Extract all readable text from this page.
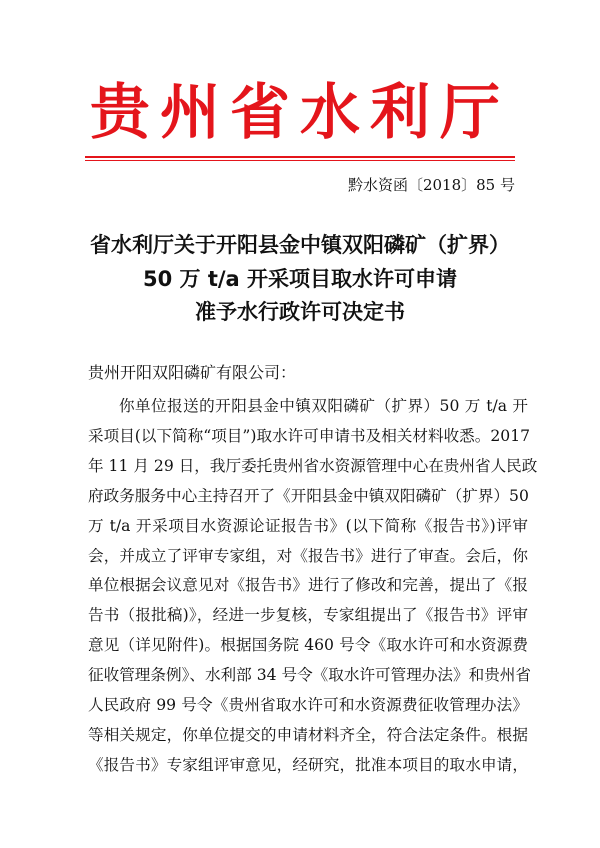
贵州省水利厅
黔水资函〔2018〕85 号
省水利厅关于开阳县金中镇双阳磷矿（扩界）
50 万 t/a 开采项目取水许可申请
准予水行政许可决定书
贵州开阳双阳磷矿有限公司：
你单位报送的开阳县金中镇双阳磷矿（扩界）50 万 t/a 开
采项目(以下简称“项目”)取水许可申请书及相关材料收悉。2017
年 11 月 29 日，我厅委托贵州省水资源管理中心在贵州省人民政
府政务服务中心主持召开了《开阳县金中镇双阳磷矿（扩界）50
万 t/a 开采项目水资源论证报告书》(以下简称《报告书》)评审
会，并成立了评审专家组，对《报告书》进行了审查。会后，你
单位根据会议意见对《报告书》进行了修改和完善，提出了《报
告书（报批稿)》，经进一步复核，专家组提出了《报告书》评审
意见（详见附件)。根据国务院 460 号令《取水许可和水资源费
征收管理条例》、水利部 34 号令《取水许可管理办法》和贵州省
人民政府 99 号令《贵州省取水许可和水资源费征收管理办法》
等相关规定，你单位提交的申请材料齐全，符合法定条件。根据
《报告书》专家组评审意见，经研究，批准本项目的取水申请，
